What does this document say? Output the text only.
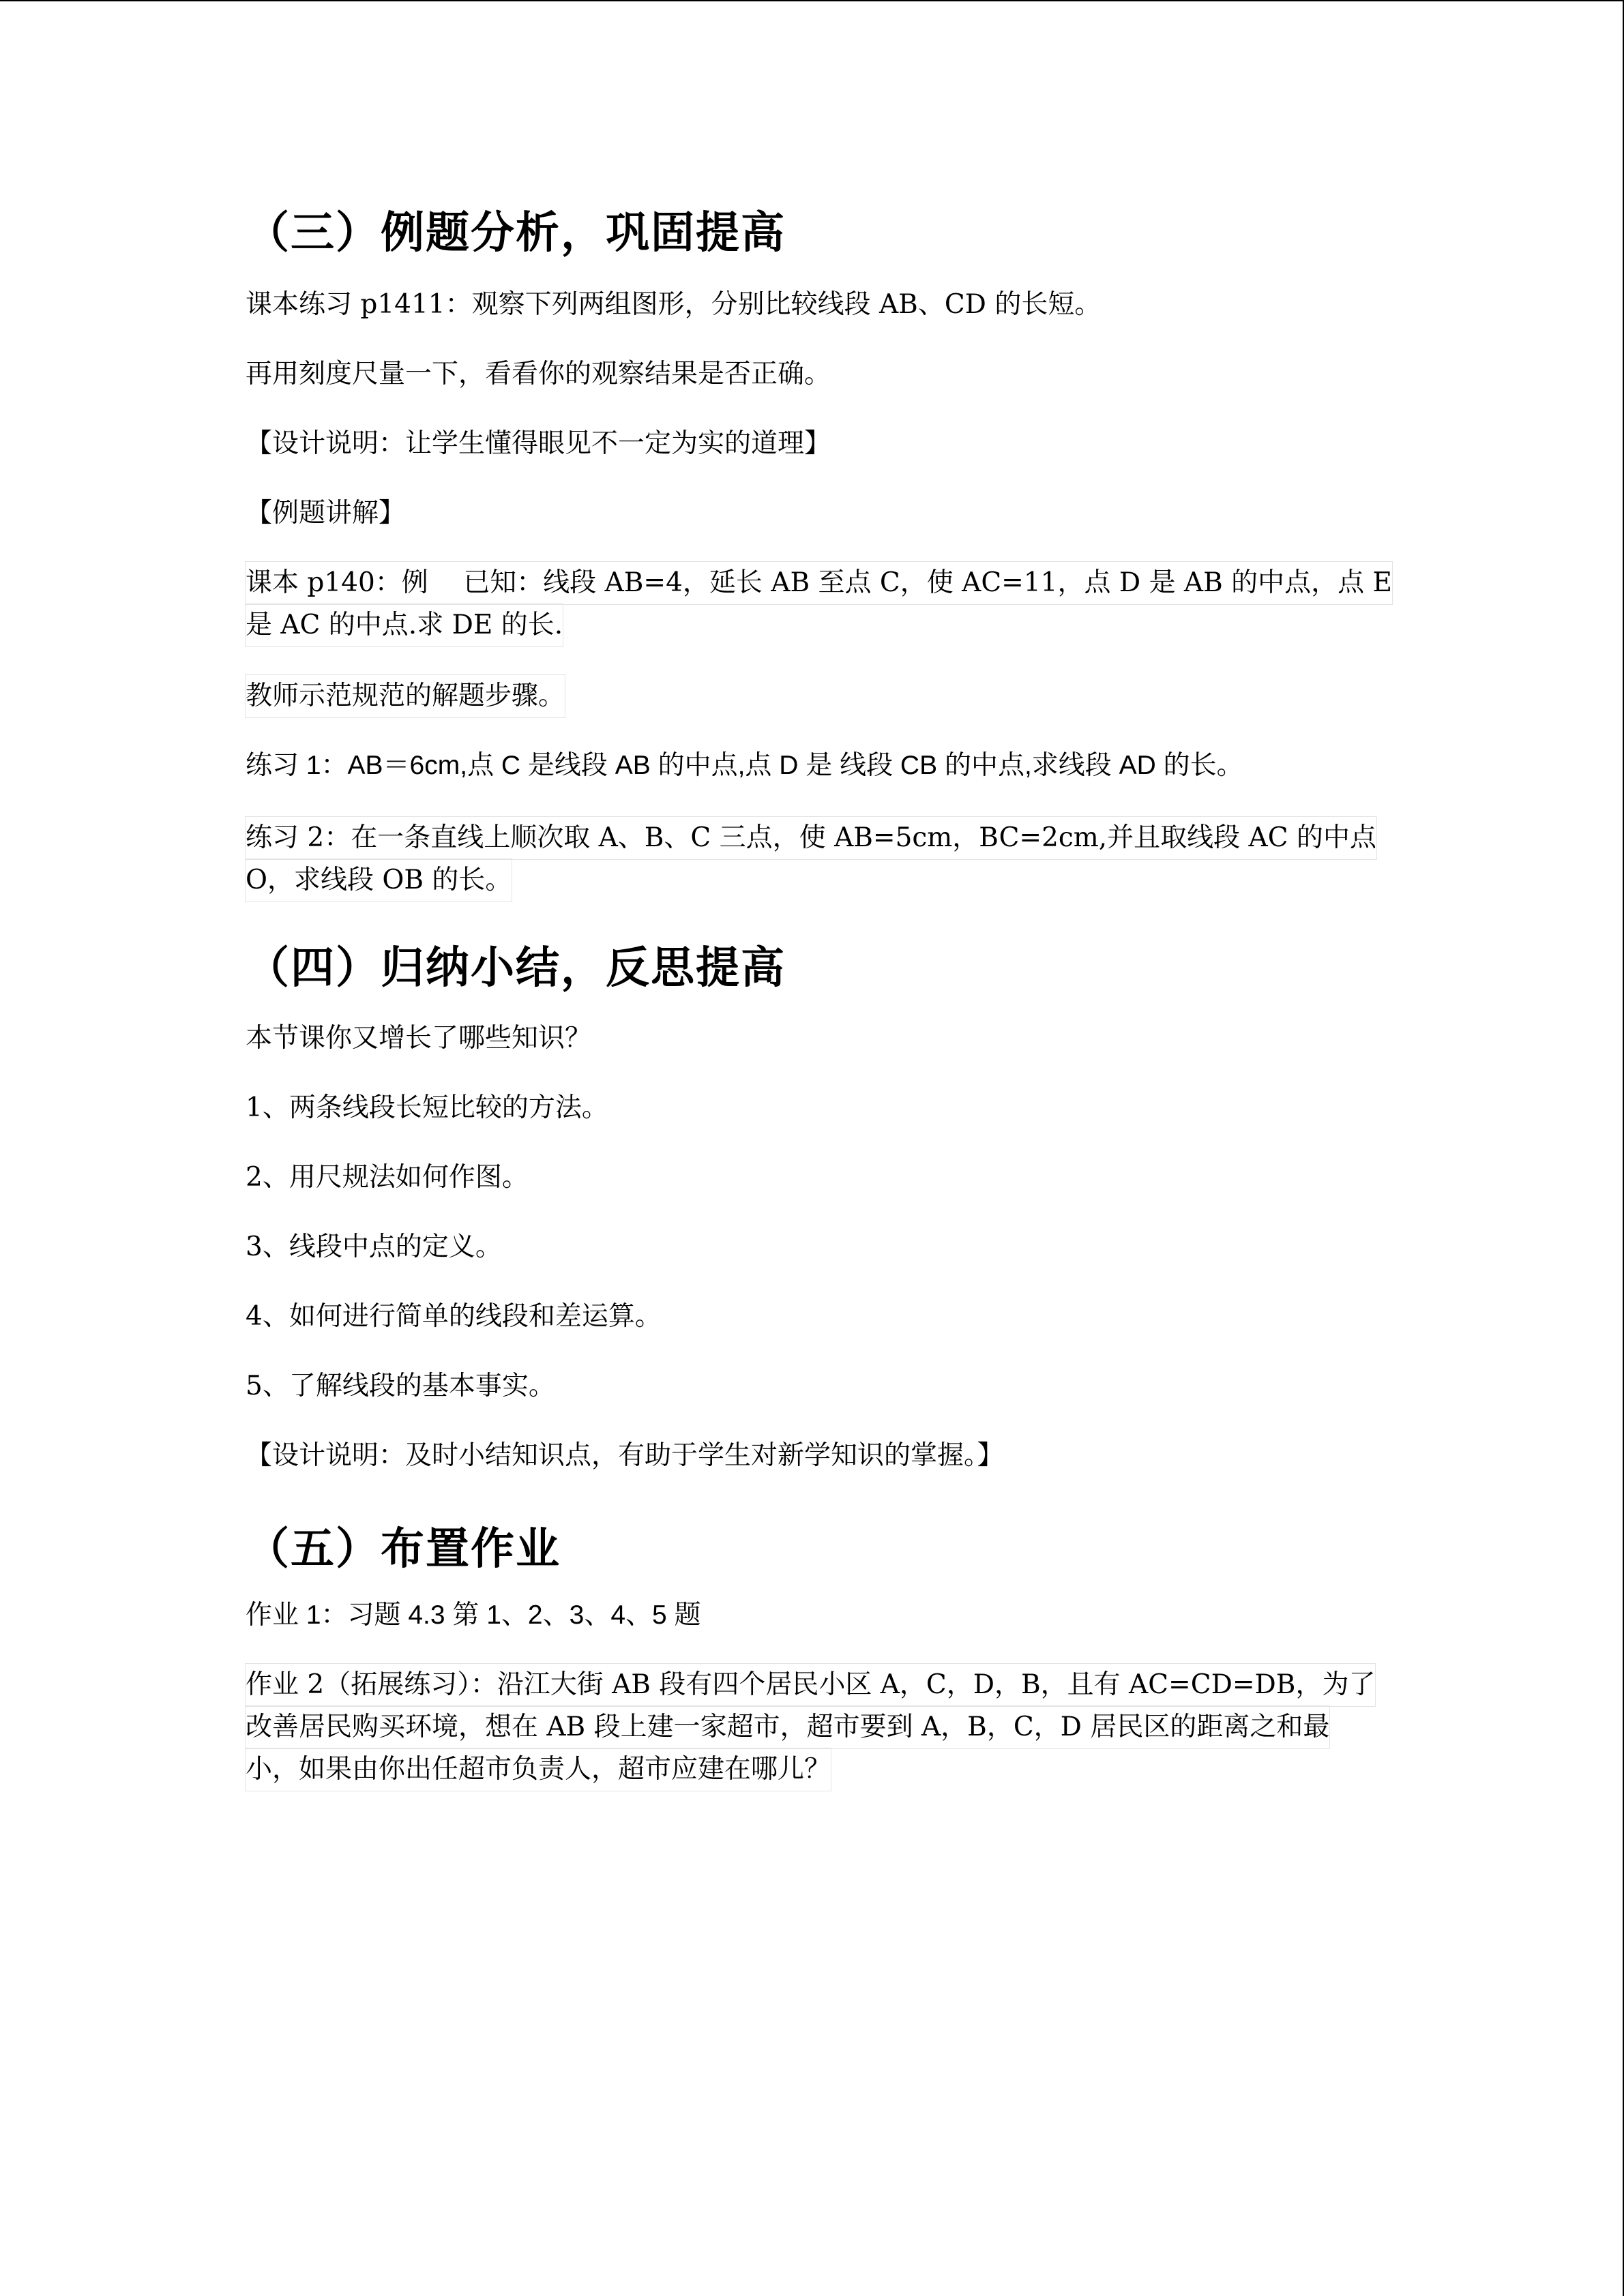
（三）例题分析，巩固提高
课本练习 p1411：观察下列两组图形，分别比较线段 AB、CD 的长短。
再用刻度尺量一下，看看你的观察结果是否正确。
【设计说明：让学生懂得眼见不一定为实的道理】
【例题讲解】
课本 p140：例　 已知：线段 AB=4，延长 AB 至点 C，使 AC=11，点 D 是 AB 的中点，点 E
是 AC 的中点.求 DE 的长.
教师示范规范的解题步骤。
练习 1：AB＝6cm,点 C 是线段 AB 的中点,点 D 是 线段 CB 的中点,求线段 AD 的长。
练习 2：在一条直线上顺次取 A、B、C 三点，使 AB=5cm，BC=2cm,并且取线段 AC 的中点
O，求线段 OB 的长。
（四）归纳小结，反思提高
本节课你又增长了哪些知识？
1、两条线段长短比较的方法。
2、用尺规法如何作图。
3、线段中点的定义。
4、如何进行简单的线段和差运算。
5、了解线段的基本事实。
【设计说明：及时小结知识点，有助于学生对新学知识的掌握。】
（五）布置作业
作业 1：习题 4.3 第 1、2、3、4、5 题
作业 2（拓展练习）：沿江大街 AB 段有四个居民小区 A，C，D，B，且有 AC=CD=DB，为了
改善居民购买环境，想在 AB 段上建一家超市，超市要到 A，B，C，D 居民区的距离之和最
小，如果由你出任超市负责人，超市应建在哪儿？
